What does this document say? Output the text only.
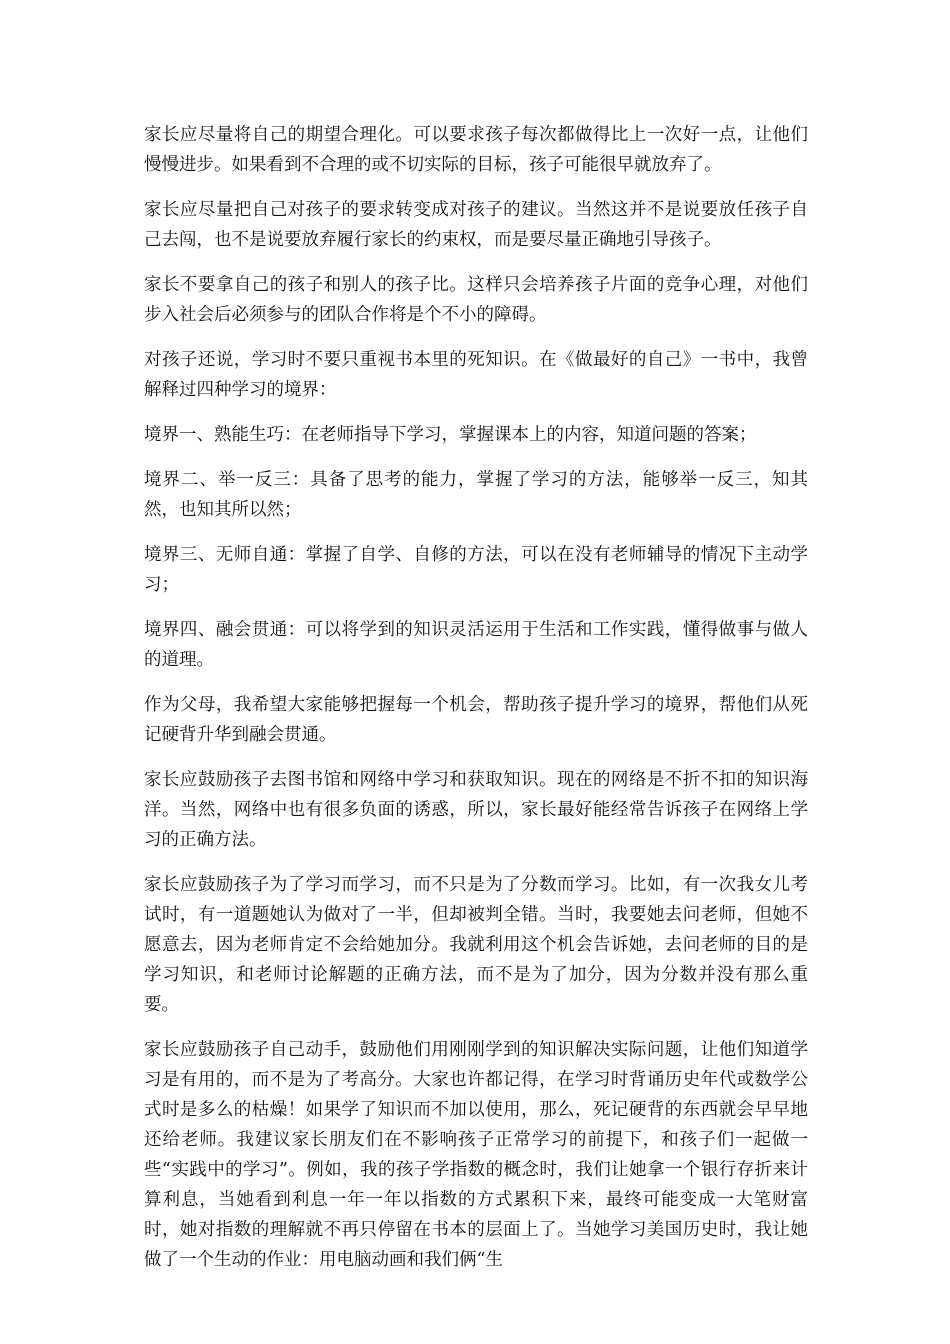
家长应尽量将自己的期望合理化。可以要求孩子每次都做得比上一次好一点，让他们慢慢进步。如果看到不合理的或不切实际的目标，孩子可能很早就放弃了。

家长应尽量把自己对孩子的要求转变成对孩子的建议。当然这并不是说要放任孩子自己去闯，也不是说要放弃履行家长的约束权，而是要尽量正确地引导孩子。

家长不要拿自己的孩子和别人的孩子比。这样只会培养孩子片面的竞争心理，对他们步入社会后必须参与的团队合作将是个不小的障碍。

对孩子还说，学习时不要只重视书本里的死知识。在《做最好的自己》一书中，我曾解释过四种学习的境界：

境界一、熟能生巧：在老师指导下学习，掌握课本上的内容，知道问题的答案；

境界二、举一反三：具备了思考的能力，掌握了学习的方法，能够举一反三，知其然，也知其所以然；

境界三、无师自通：掌握了自学、自修的方法，可以在没有老师辅导的情况下主动学习；

境界四、融会贯通：可以将学到的知识灵活运用于生活和工作实践，懂得做事与做人的道理。

作为父母，我希望大家能够把握每一个机会，帮助孩子提升学习的境界，帮他们从死记硬背升华到融会贯通。

家长应鼓励孩子去图书馆和网络中学习和获取知识。现在的网络是不折不扣的知识海洋。当然，网络中也有很多负面的诱惑，所以，家长最好能经常告诉孩子在网络上学习的正确方法。

家长应鼓励孩子为了学习而学习，而不只是为了分数而学习。比如，有一次我女儿考试时，有一道题她认为做对了一半，但却被判全错。当时，我要她去问老师，但她不愿意去，因为老师肯定不会给她加分。我就利用这个机会告诉她，去问老师的目的是学习知识，和老师讨论解题的正确方法，而不是为了加分，因为分数并没有那么重要。

家长应鼓励孩子自己动手，鼓励他们用刚刚学到的知识解决实际问题，让他们知道学习是有用的，而不是为了考高分。大家也许都记得，在学习时背诵历史年代或数学公式时是多么的枯燥！如果学了知识而不加以使用，那么，死记硬背的东西就会早早地还给老师。我建议家长朋友们在不影响孩子正常学习的前提下，和孩子们一起做一些“实践中的学习”。例如，我的孩子学指数的概念时，我们让她拿一个银行存折来计算利息，当她看到利息一年一年以指数的方式累积下来，最终可能变成一大笔财富时，她对指数的理解就不再只停留在书本的层面上了。当她学习美国历史时，我让她做了一个生动的作业：用电脑动画和我们俩“生
